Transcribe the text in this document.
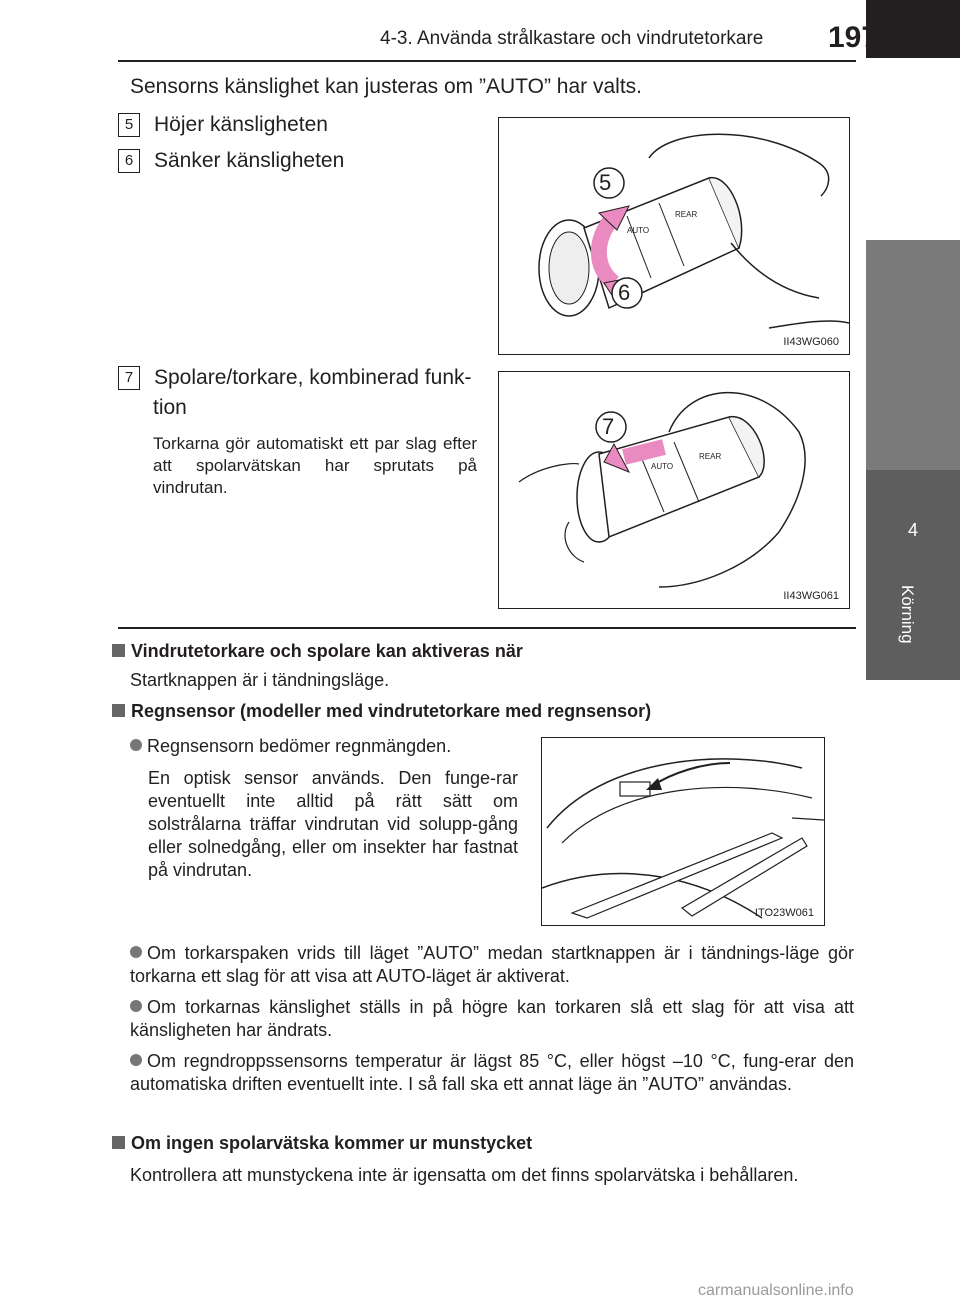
4
Körning
4-3. Använda strålkastare och vindrutetorkare 197
Sensorns känslighet kan justeras om ”AUTO” har valts.
5 Höjer känsligheten
6 Sänker känsligheten
5
6
AUTO
REAR
II43WG060
7 Spolare/torkare, kombinerad funk-
tion
Torkarna gör automatiskt ett par slag efter att spolarvätskan har sprutats på vindrutan.
7
AUTO
REAR
II43WG061
Vindrutetorkare och spolare kan aktiveras när
Startknappen är i tändningsläge.
Regnsensor (modeller med vindrutetorkare med regnsensor)
Regnsensorn bedömer regnmängden.
En optisk sensor används. Den funge-rar eventuellt inte alltid på rätt sätt om solstrålarna träffar vindrutan vid solupp-gång eller solnedgång, eller om insekter har fastnat på vindrutan.
ITO23W061
Om torkarspaken vrids till läget ”AUTO” medan startknappen är i tändnings-läge gör torkarna ett slag för att visa att AUTO-läget är aktiverat.
Om torkarnas känslighet ställs in på högre kan torkaren slå ett slag för att visa att känsligheten har ändrats.
Om regndroppssensorns temperatur är lägst 85 °C, eller högst –10 °C, fung-erar den automatiska driften eventuellt inte. I så fall ska ett annat läge än ”AUTO” användas.
Om ingen spolarvätska kommer ur munstycket
Kontrollera att munstyckena inte är igensatta om det finns spolarvätska i behållaren.
carmanualsonline.info
